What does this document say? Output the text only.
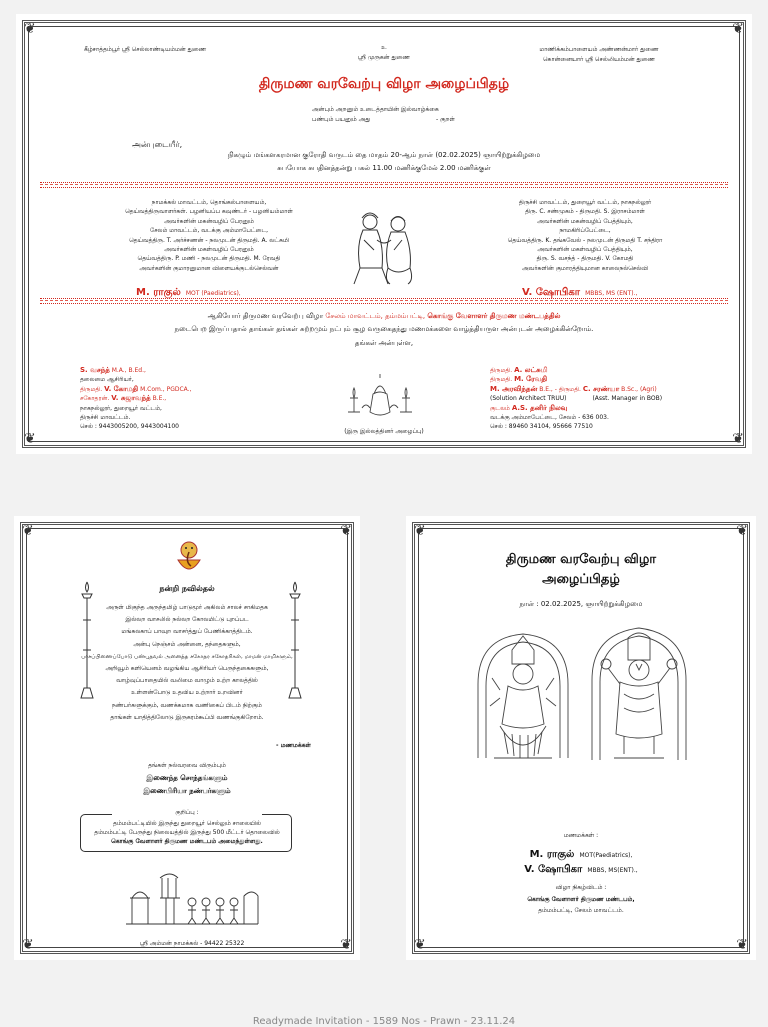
❦	❦
❦	❦
கீழ்சாத்தம்பூர் ஸ்ரீ செல்லாண்டியம்மன் துணை	உ
ஸ்ரீ முருகன் துணை
மாணிக்கம்பாளையம் அண்ணன்மார் துணை
கொன்னையார் ஸ்ரீ செல்லியம்மன் துணை
திருமண வரவேற்பு விழா அழைப்பிதழ்
அன்பும் அறனும் உடைத்தாயின் இல்வாழ்க்கை
பண்பும் பயனும் அது	- குறள்
அன்புடையீர்,
நிகழும் மங்களகரமான குரோதி வருடம் தை மாதம் 20-ஆம் நாள் (02.02.2025) ஞாயிற்றுக்கிழமை
சுபயோக சுபதினத்தன்று பகல் 11.00 மணிக்குமேல் 2.00 மணிக்குள்
நாமக்கல் மாவட்டம், தொங்கல்பாளையம்,
தெய்வத்திருவாளர்கள். பழனியப்ப கவுண்டர் - பழனியம்மாள்
அவர்களின் மகன்வழிப் பேரனும்
சேலம் மாவட்டம், வடக்கு அம்மாபேட்டை,
தெய்வத்திரு. T. அர்ச்சணன் - நலமுடன் திருமதி. A. லட்சுமி
அவர்களின் மகள்வழிப் பேரனும்
தெய்வத்திரு. P. மணி - நலமுடன் திருமதி. M. ரேவதி
அவர்களின் குமாரனுமான விளையக்குடல்செல்வன்
M. ராகுல் MOT (Paediatrics),
திருச்சி மாவட்டம், துறையூர் வட்டம், நாகநல்லூர்
திரு. C. சண்முகம் - திருமதி. S. இராசம்மாள்
அவர்களின் மகன்வழிப் பேத்தியும்,
நாமகிரிப்பேட்டை,
தெய்வத்திரு. K. தங்கவேல் - நலமுடன் திருமதி T. சந்திரா
அவர்களின் மகள்வழிப் பேத்தியும்,
திரு. S. வசந்த் - திருமதி. V. கோமதி
அவர்களின் குமாரத்தியுமான காலைநல்செல்வி
V. ஷோபிகா MBBS, MS (ENT).,
ஆகியோர் திருமண வரவேற்பு விழா சேலம் மாவட்டம், தம்மம்பட்டி, கொங்கு வேளாளர் திருமண மண்டபத்தில்
நடைபெற இருப்பதால் தாங்கள் தங்கள் சுற்றமும் நட்பும் சூழ வருகைதந்து மணமக்களை வாழ்த்தியருள அன்புடன் அழைக்கின்றோம்.
தங்கள் அன்புள்ள,
S. வசந்த் M.A., B.Ed.,
தலைமை ஆசிரியர்,
திருமதி. V. கோமதி M.Com., PGDCA.,
சகோதரன். V. சுஜாவந்த் B.E.,
நாகநல்லூர், துறையூர் வட்டம்,
திருச்சி மாவட்டம்.
செல் : 9443005200, 9443004100
(இரு இல்லத்தினர் அழைப்பு)
திருமதி. A. லட்சுமி
திருமதி. M. ரேவதி
M. அரவிந்தன் B.E., - திருமதி. C. சரண்யா B.Sc., (Agri)
(Solution Architect TRUU)	(Asst. Manager in BOB)
குடலம் A.S. தனிர் நிலவு
வடக்கு அம்மாபேட்டை, சேலம் - 636 003.
செல் : 89460 34104, 95666 77510
❦	❦
❦	❦
நன்றி நவில்தல்
அருள் மிகுந்த அருந்தமிழ் பாடுமூர் அகிலம் சாலச் சாகிமதக
இல்லற வாசலில் நல்லற கோலமிட்டு புறப்பட
மங்கலகாப் பாவுற வாசர்த்துப் பேணிக்காத்திடம்.
அன்பு நெஞ்சம் அன்னை, தந்தைகளும்,
பாசப்பிணைப்போடு பண்புதவல் அனைத்த சகோதர சகோதரிகள், மாமன் மாமிகளும்,
அறிவூம் களியெனம் வழங்கிய ஆசிரியர் பெருந்தகைகளும்,
வாழ்வுப்பாதையில் வலிமை வாழும் உற்ற காலத்தில்
உள்ளன்போடு உதவிய உற்றார் உறவினர்
நண்பர்களுக்கும், வணக்கமாக வணிகைப் பிடம் நிற்கும்
தாங்கள் யாதித்திலோடு இருகரம்கூப்பி வணங்குகிறோம்.
- மணமக்கள்
தங்கள் நல்வரவை விரும்பும்
இணைந்த சொந்தங்களும்
இணைபிரியா நண்பர்களும்
குறிப்பு :
தம்மம்பட்டியில் இருந்து துறையூர் செல்லும் சாலையில்
தம்மம்பட்டி பேருந்து நிலையத்தில் இருந்து 500 மீட்டர் தொலைவில்
கொங்கு வேளாளர் திருமண மண்டபம் அமைந்துள்ளது.
ஸ்ரீ அம்மன் நாமக்கல் - 94422 25322
❦	❦
❦	❦
திருமண வரவேற்பு விழா
அழைப்பிதழ்
நாள் : 02.02.2025, ஞாயிற்றுக்கிழமை
மணமக்கள் :
M. ராகுல் MOT(Paediatrics),
V. ஷோபிகா MBBS, MS(ENT).,
விழா நிகழ்விடம் :
கொங்கு வேளாளர் திருமண மண்டபம்,
தம்மம்பட்டி, சேலம் மாவட்டம்.
Readymade Invitation - 1589 Nos - Prawn - 23.11.24
